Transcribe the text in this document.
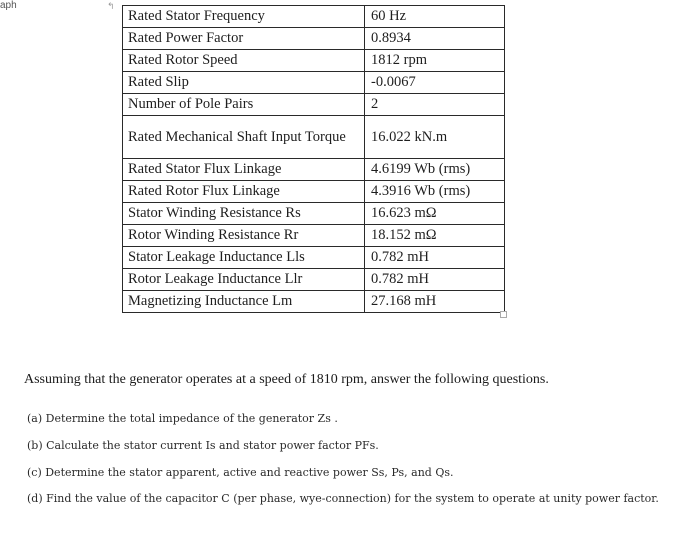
aph	↰
Rated Stator Frequency	60 Hz
Rated Power Factor	0.8934
Rated Rotor Speed	1812 rpm
Rated Slip	-0.0067
Number of Pole Pairs	2
Rated Mechanical Shaft Input Torque	16.022 kN.m
Rated Stator Flux Linkage	4.6199 Wb (rms)
Rated Rotor Flux Linkage	4.3916 Wb (rms)
Stator Winding Resistance Rs	16.623 mΩ
Rotor Winding Resistance Rr	18.152 mΩ
Stator Leakage Inductance Lls	0.782 mH
Rotor Leakage Inductance Llr	0.782 mH
Magnetizing Inductance Lm	27.168 mH

Assuming that the generator operates at a speed of 1810 rpm, answer the following questions.

(a) Determine the total impedance of the generator Zs .

(b) Calculate the stator current Is and stator power factor PFs.

(c) Determine the stator apparent, active and reactive power Ss, Ps, and Qs.

(d) Find the value of the capacitor C (per phase, wye-connection) for the system to operate at unity power factor.
